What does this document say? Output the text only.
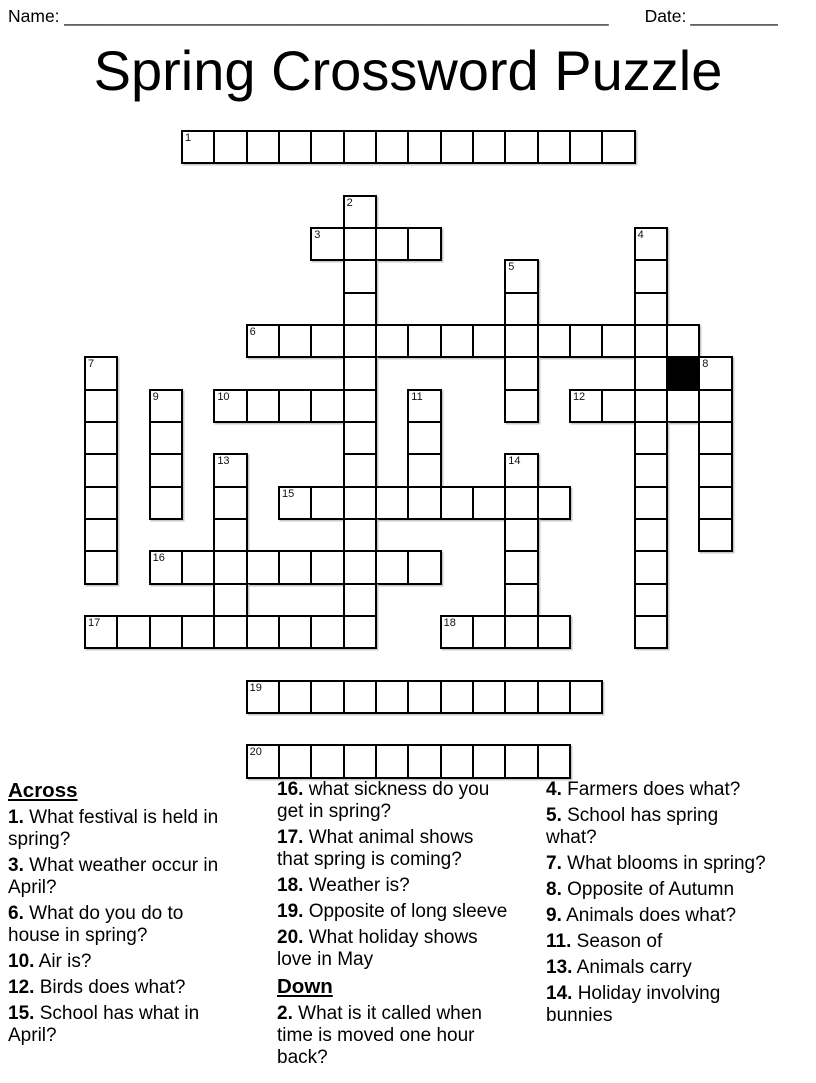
Name: ________________________________________________________ Date: _________
Spring Crossword Puzzle
1
2
3	4
5
6
7	8
9	10	11	12
13	14
15
16
17	18
19
20
Across
1. What festival is held in
spring?
3. What weather occur in
April?
6. What do you do to
house in spring?
10. Air is?
12. Birds does what?
15. School has what in
April?
16. what sickness do you
get in spring?
17. What animal shows
that spring is coming?
18. Weather is?
19. Opposite of long sleeve
20. What holiday shows
love in May
Down
2. What is it called when
time is moved one hour
back?
4. Farmers does what?
5. School has spring
what?
7. What blooms in spring?
8. Opposite of Autumn
9. Animals does what?
11. Season of
13. Animals carry
14. Holiday involving
bunnies
